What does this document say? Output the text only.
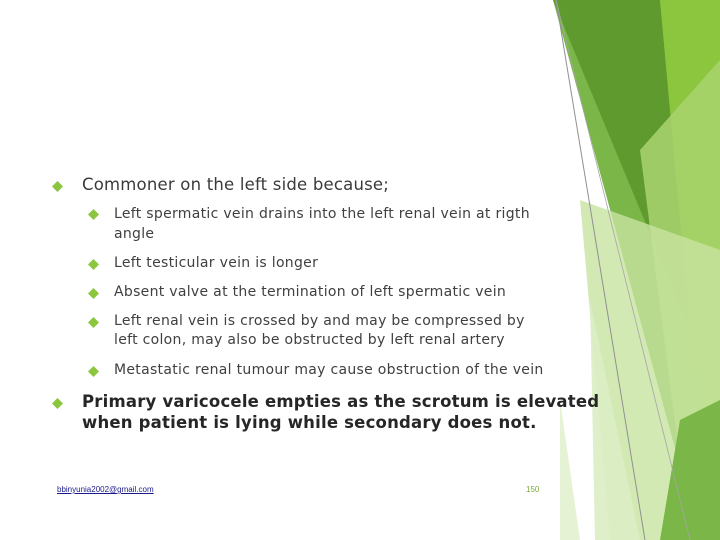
Commoner on the left side because;
Left spermatic vein drains into the left renal vein at rigth
angle
Left testicular vein is longer
Absent valve at the termination of left spermatic vein
Left renal vein is crossed by and may be compressed by
left colon, may also be obstructed by left renal artery
Metastatic renal tumour may cause obstruction of the vein
Primary varicocele empties as the scrotum is elevated
when patient is lying while secondary does not.
bbinyunia2002@gmail.com	150
